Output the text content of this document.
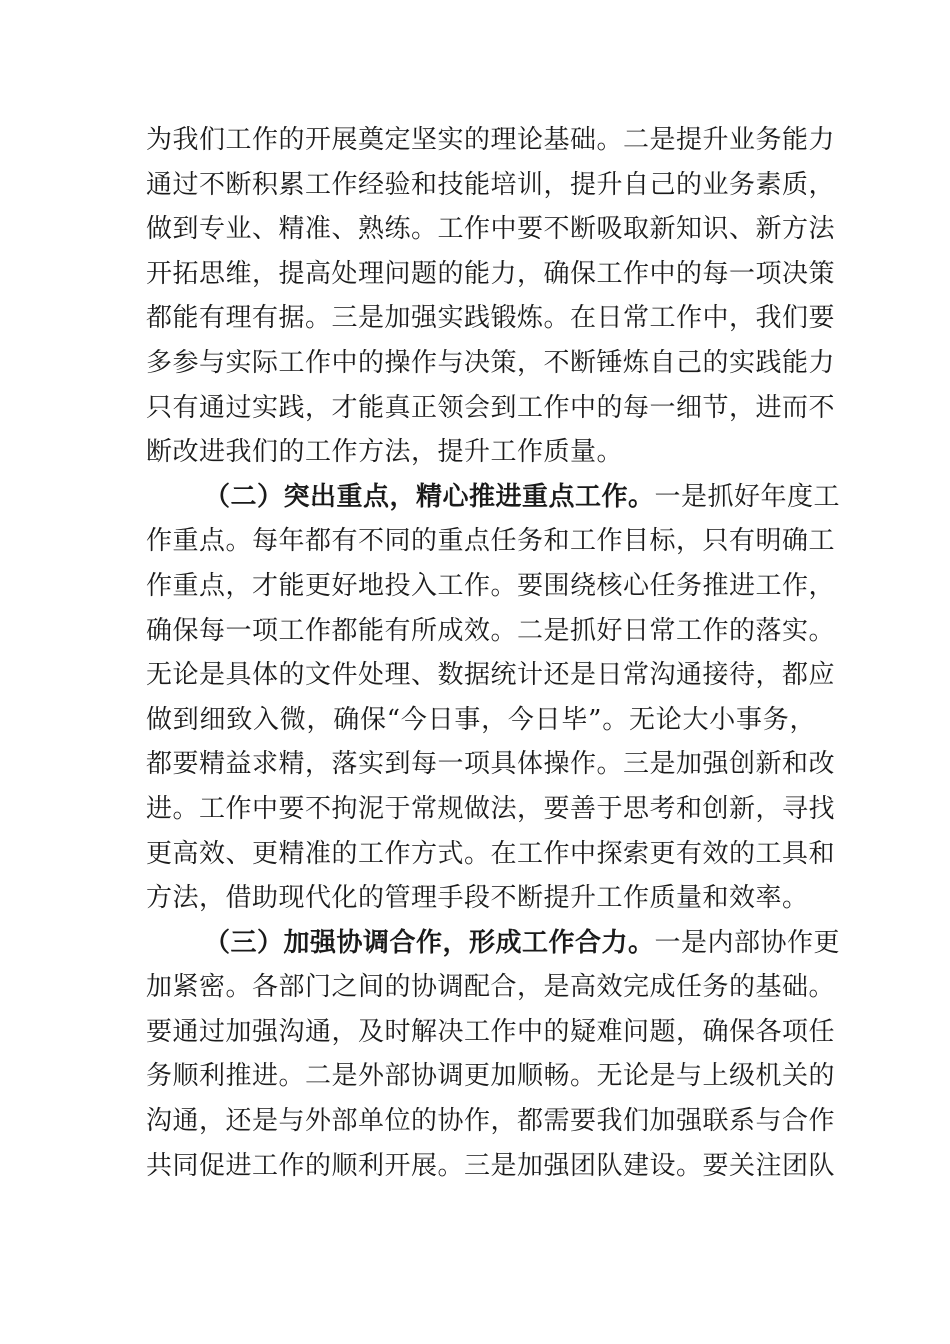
为我们工作的开展奠定坚实的理论基础。二是提升业务能力
通过不断积累工作经验和技能培训，提升自己的业务素质，
做到专业、精准、熟练。工作中要不断吸取新知识、新方法
开拓思维，提高处理问题的能力，确保工作中的每一项决策
都能有理有据。三是加强实践锻炼。在日常工作中，我们要
多参与实际工作中的操作与决策，不断锤炼自己的实践能力
只有通过实践，才能真正领会到工作中的每一细节，进而不
断改进我们的工作方法，提升工作质量。
（二）突出重点，精心推进重点工作。一是抓好年度工
作重点。每年都有不同的重点任务和工作目标，只有明确工
作重点，才能更好地投入工作。要围绕核心任务推进工作，
确保每一项工作都能有所成效。二是抓好日常工作的落实。
无论是具体的文件处理、数据统计还是日常沟通接待，都应
做到细致入微，确保“今日事，今日毕”。无论大小事务，
都要精益求精，落实到每一项具体操作。三是加强创新和改
进。工作中要不拘泥于常规做法，要善于思考和创新，寻找
更高效、更精准的工作方式。在工作中探索更有效的工具和
方法，借助现代化的管理手段不断提升工作质量和效率。
（三）加强协调合作，形成工作合力。一是内部协作更
加紧密。各部门之间的协调配合，是高效完成任务的基础。
要通过加强沟通，及时解决工作中的疑难问题，确保各项任
务顺利推进。二是外部协调更加顺畅。无论是与上级机关的
沟通，还是与外部单位的协作，都需要我们加强联系与合作
共同促进工作的顺利开展。三是加强团队建设。要关注团队
